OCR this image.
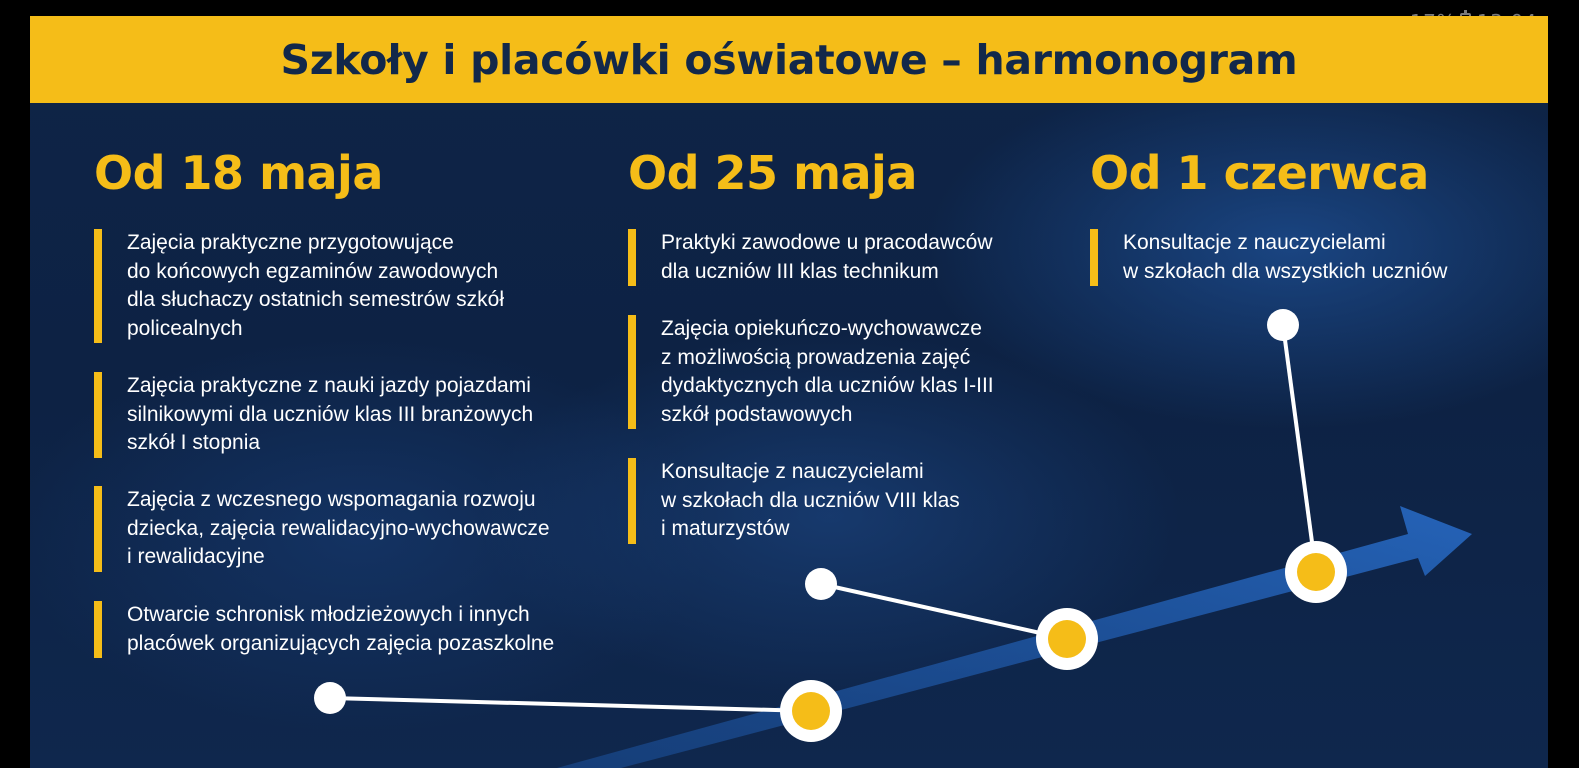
Szkoły i placówki oświatowe – harmonogram
Od 18 maja
Zajęcia praktyczne przygotowujące
do końcowych egzaminów zawodowych
dla słuchaczy ostatnich semestrów szkół
policealnych
Zajęcia praktyczne z nauki jazdy pojazdami
silnikowymi dla uczniów klas III branżowych
szkół I stopnia
Zajęcia z wczesnego wspomagania rozwoju
dziecka, zajęcia rewalidacyjno-wychowawcze
i rewalidacyjne
Otwarcie schronisk młodzieżowych i innych
placówek organizujących zajęcia pozaszkolne
Od 25 maja
Praktyki zawodowe u pracodawców
dla uczniów III klas technikum
Zajęcia opiekuńczo-wychowawcze
z możliwością prowadzenia zajęć
dydaktycznych dla uczniów klas I-III
szkół podstawowych
Konsultacje z nauczycielami
w szkołach dla uczniów VIII klas
i maturzystów
Od 1 czerwca
Konsultacje z nauczycielami
w szkołach dla wszystkich uczniów
